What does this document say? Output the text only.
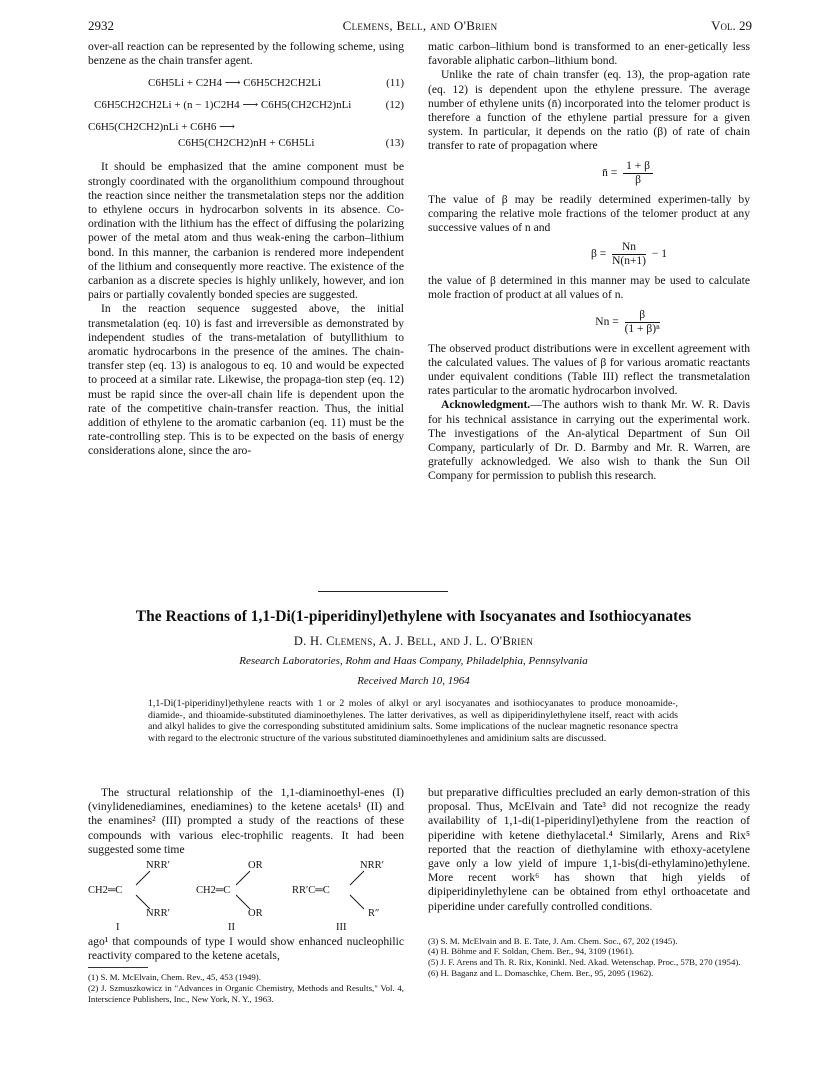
2932	Clemens, Bell, and O'Brien	Vol. 29

over-all reaction can be represented by the following scheme, using benzene as the chain transfer agent.

C6H5Li + C2H4 ⟶ C6H5CH2CH2Li	(11)
C6H5CH2CH2Li + (n − 1)C2H4 ⟶ C6H5(CH2CH2)nLi	(12)
C6H5(CH2CH2)nLi + C6H6 ⟶
C6H5(CH2CH2)nH + C6H5Li	(13)

It should be emphasized that the amine component must be strongly coordinated with the organolithium compound throughout the reaction since neither the transmetalation steps nor the addition to ethylene occurs in hydrocarbon solvents in its absence. Co-ordination with the lithium has the effect of diffusing the polarizing power of the metal atom and thus weak-ening the carbon–lithium bond. In this manner, the carbanion is rendered more independent of the lithium and consequently more reactive. The existence of the carbanion as a discrete species is highly unlikely, however, and ion pairs or partially covalently bonded species are suggested.

In the reaction sequence suggested above, the initial transmetalation (eq. 10) is fast and irreversible as demonstrated by independent studies of the trans-metalation of butyllithium to aromatic hydrocarbons in the presence of the amines. The chain-transfer step (eq. 13) is analogous to eq. 10 and would be expected to proceed at a similar rate. Likewise, the propaga-tion step (eq. 12) must be rapid since the over-all chain life is dependent upon the rate of the competitive chain-transfer reaction. Thus, the initial addition of ethylene to the aromatic carbanion (eq. 11) must be the rate-controlling step. This is to be expected on the basis of energy considerations alone, since the aro-

matic carbon–lithium bond is transformed to an ener-getically less favorable aliphatic carbon–lithium bond.

Unlike the rate of chain transfer (eq. 13), the prop-agation rate (eq. 12) is dependent upon the ethylene pressure. The average number of ethylene units (n̄) incorporated into the telomer product is therefore a function of the ethylene partial pressure for a given system. In particular, it depends on the ratio (β) of rate of chain transfer to rate of propagation where

n̄ = $\frac{1 + \beta}{\beta}$

The value of β may be readily determined experimen-tally by comparing the relative mole fractions of the telomer product at any successive values of n and

$\beta = \frac{Nn}{N(n+1)} - 1$

the value of β determined in this manner may be used to calculate mole fraction of product at all values of n.

$Nn = \frac{\beta}{\text{(1 + β)ⁿ}}$

The observed product distributions were in excellent agreement with the calculated values. The values of β for various aromatic reactants under equivalent conditions (Table III) reflect the transmetalation rates particular to the aromatic hydrocarbon involved.

Acknowledgment.—The authors wish to thank Mr. W. R. Davis for his technical assistance in carrying out the experimental work. The investigations of the An-alytical Department of Sun Oil Company, particularly of Dr. D. Barmby and Mr. R. Warren, are gratefully acknowledged. We also wish to thank the Sun Oil Company for permission to publish this research.

The Reactions of 1,1-Di(1-piperidinyl)ethylene with Isocyanates and Isothiocyanates
D. H. Clemens, A. J. Bell, and J. L. O'Brien
Research Laboratories, Rohm and Haas Company, Philadelphia, Pennsylvania
Received March 10, 1964
1,1-Di(1-piperidinyl)ethylene reacts with 1 or 2 moles of alkyl or aryl isocyanates and isothiocyanates to produce monoamide-, diamide-, and thioamide-substituted diaminoethylenes. The latter derivatives, as well as dipiperidinylethylene itself, react with acids and alkyl halides to give the corresponding substituted amidinium salts. Some implications of the nuclear magnetic resonance spectra with regard to the electronic structure of the various substituted diaminoethylenes and amidinium salts are discussed.

The structural relationship of the 1,1-diaminoethyl-enes (I) (vinylidenediamines, enediamines) to the ketene acetals¹ (II) and the enamines² (III) prompted a study of the reactions of these compounds with various elec-trophilic reagents. It had been suggested some time

NRR′
CH2═C
NRR′
I
OR
CH2═C
OR
II
NRR′
RR′C═C
R″
III

ago¹ that compounds of type I would show enhanced nucleophilic reactivity compared to the ketene acetals,

(1) S. M. McElvain, Chem. Rev., 45, 453 (1949).
(2) J. Szmuszkowicz in "Advances in Organic Chemistry, Methods and Results," Vol. 4, Interscience Publishers, Inc., New York, N. Y., 1963.

but preparative difficulties precluded an early demon-stration of this proposal. Thus, McElvain and Tate³ did not recognize the ready availability of 1,1-di(1-piperidinyl)ethylene from the reaction of piperidine with ketene diethylacetal.⁴ Similarly, Arens and Rix⁵ reported that the reaction of diethylamine with ethoxy-acetylene gave only a low yield of impure 1,1-bis(di-ethylamino)ethylene. More recent work⁶ has shown that high yields of dipiperidinylethylene can be obtained from ethyl orthoacetate and piperidine under carefully controlled conditions.

(3) S. M. McElvain and B. E. Tate, J. Am. Chem. Soc., 67, 202 (1945).
(4) H. Böhme and F. Soldan, Chem. Ber., 94, 3109 (1961).
(5) J. F. Arens and Th. R. Rix, Koninkl. Ned. Akad. Wetenschap. Proc., 57B, 270 (1954).
(6) H. Baganz and L. Domaschke, Chem. Ber., 95, 2095 (1962).
